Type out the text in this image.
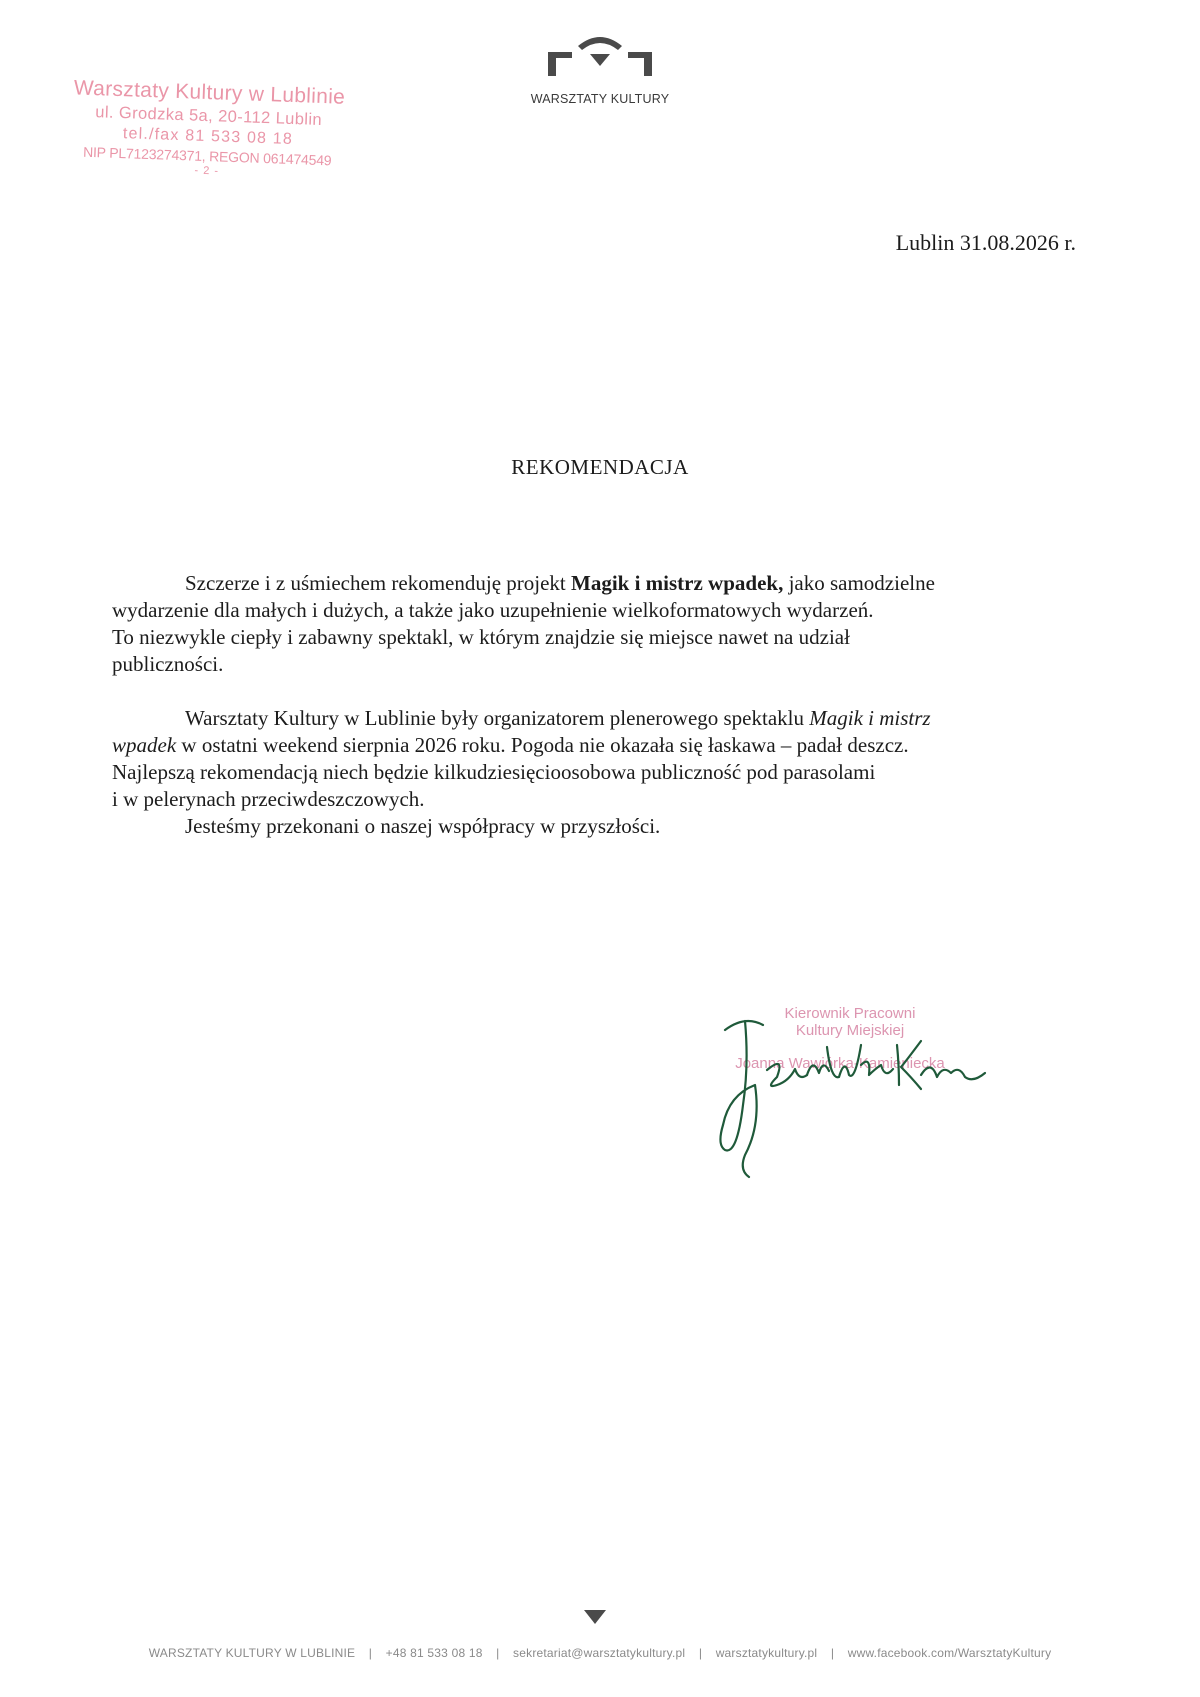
Warsztaty Kultury w Lublinie
ul. Grodzka 5a, 20-112 Lublin
tel./fax 81 533 08 18
NIP PL7123274371, REGON 061474549
- 2 -
WARSZTATY KULTURY
Lublin 31.08.2026 r.
REKOMENDACJA
Szczerze i z uśmiechem rekomenduję projekt Magik i mistrz wpadek, jako samodzielne
wydarzenie dla małych i dużych, a także jako uzupełnienie wielkoformatowych wydarzeń.
To niezwykle ciepły i zabawny spektakl, w którym znajdzie się miejsce nawet na udział
publiczności.
Warsztaty Kultury w Lublinie były organizatorem plenerowego spektaklu Magik i mistrz
wpadek w ostatni weekend sierpnia 2026 roku. Pogoda nie okazała się łaskawa – padał deszcz.
Najlepszą rekomendacją niech będzie kilkudziesięcioosobowa publiczność pod parasolami
i w pelerynach przeciwdeszczowych.
Jesteśmy przekonani o naszej współpracy w przyszłości.
Kierownik Pracowni
Kultury Miejskiej
Joanna Wawiórka-Kamieniecka
WARSZTATY KULTURY W LUBLINIE | +48 81 533 08 18 | sekretariat@warsztatykultury.pl | warsztatykultury.pl | www.facebook.com/WarsztatyKultury
